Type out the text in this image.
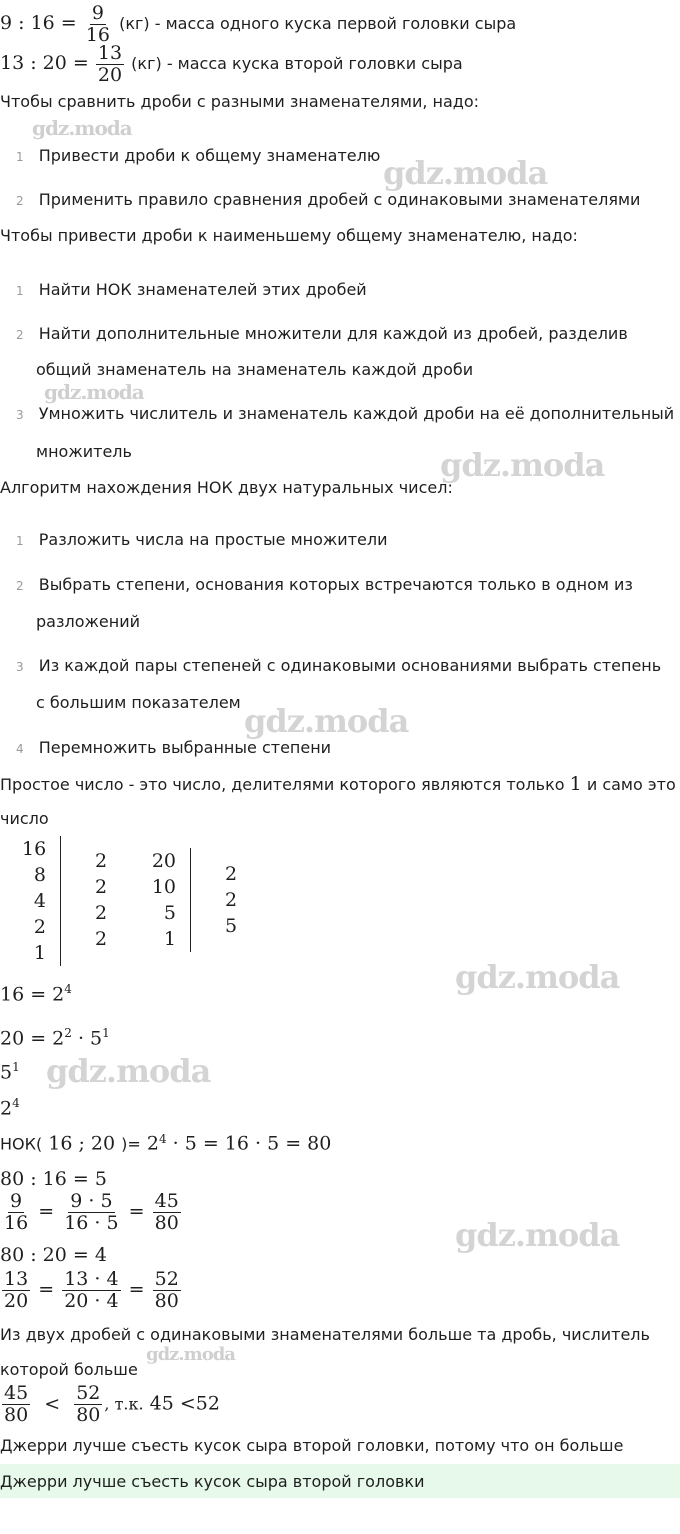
9 : $16 = \frac{9}{16} (кг)$ - масса одного куска первой головки сыра
13 : $20 = \frac{13}{20} (кг)$ - масса куска второй головки сыра
Чтобы сравнить дроби с разными знаменателями, надо:
gdz.moda
1 Привести дроби к общему знаменателю gdz.moda
2 Применить правило сравнения дробей с одинаковыми знаменателями
Чтобы привести дроби к наименьшему общему знаменателю, надо:
1 Найти НОК знаменателей этих дробей
2 Найти дополнительные множители для каждой из дробей, разделив
общий знаменатель на знаменатель каждой дроби
gdz.moda
3 Умножить числитель и знаменатель каждой дроби на её дополнительный
множитель	gdz.moda
Алгоритм нахождения НОК двух натуральных чисел:
1 Разложить числа на простые множители
2 Выбрать степени, основания которых встречаются только в одном из
разложений
3 Из каждой пары степеней с одинаковыми основаниями выбрать степень
с большим показателем gdz.moda
4 Перемножить выбранные степени
Простое число - это число, делителями которого являются только 1 и само это
число
16
8
4
2
1
2
2
2
2
20
10
5
1
2
2
5
gdz.moda
$16 = 2^4$
$20 = 2^2 \cdot 5^1$
$5^1$ gdz.moda
$2^4$
НОК( 16 ; 20 )= $2^4 \cdot 5 = 16 \cdot 5 = 80$
80 : 16 = 5
$\frac{9}{16} = \frac{9 \cdot 5}{16 \cdot 5} = \frac{45}{80}$
gdz.moda
80 : 20 = 4
$\frac{13}{20} = \frac{13 \cdot 4}{20 \cdot 4} = \frac{52}{80}$
Из двух дробей с одинаковыми знаменателями больше та дробь, числитель
которой больше
gdz.moda
$\frac{45}{80} < \frac{52}{80}$ , т.к. 45 <52
Джерри лучше съесть кусок сыра второй головки, потому что он больше
Джерри лучше съесть кусок сыра второй головки
